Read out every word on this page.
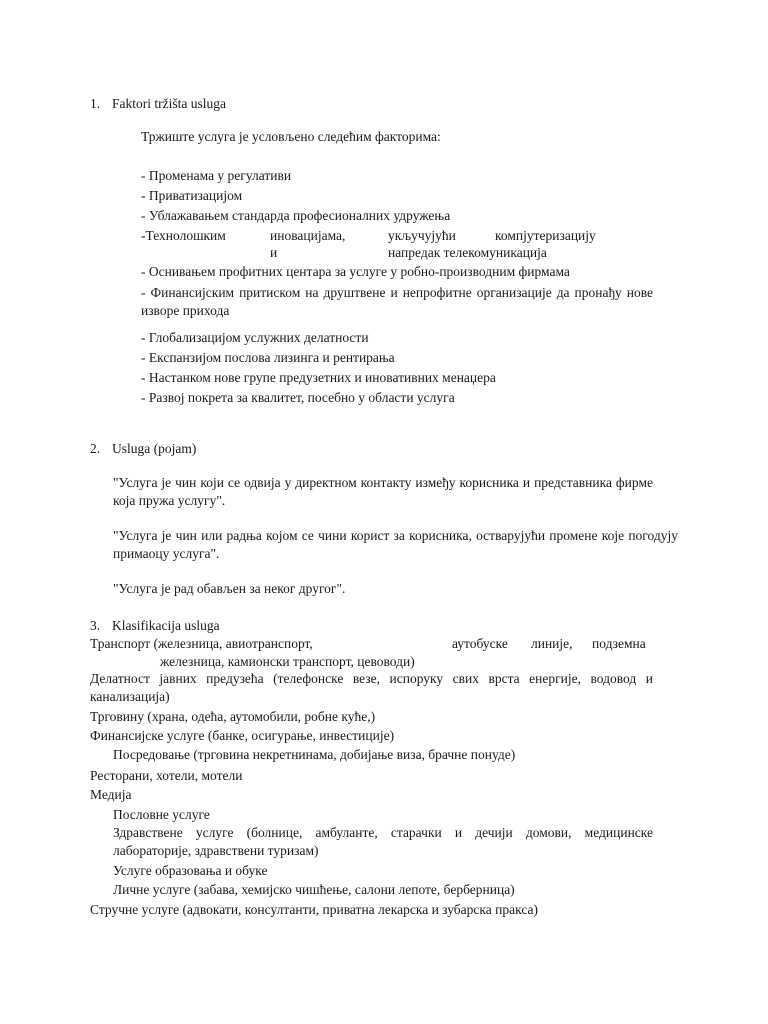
1. Faktori tržišta usluga
Тржиште услуга је условљено следећим факторима:
- Променама у регулативи
- Приватизацијом
- Ублажавањем стандарда професионалних удружења
-Технолошким	иновацијама,	укључујући	компјутеризацију
и	напредак телекомуникација
- Оснивањем профитних центара за услуге у робно-производним фирмама
- Финансијским притиском на друштвене и непрофитне организације да пронађу нове изворе прихода
- Глобализацијом услужних делатности
- Експанзијом послова лизинга и рентирања
- Настанком нове групе предузетних и иновативних менаџера
- Развој покрета за квалитет, посебно у области услуга
2. Usluga (pojam)
"Услуга је чин који се одвија у директном контакту између корисника и представника фирме која пружа услугу".
"Услуга је чин или радња којом се чини корист за корисника, остварујући промене које погодују примаоцу услуга".
"Услуга је рад обављен за неког другог".
3. Klasifikacija usluga
Транспорт (железница, авиотранспорт,	аутобуске линије, подземна
железница, камионски транспорт, цевоводи)
Делатност јавних предузећа (телефонске везе, испоруку свих врста енергије, водовод и канализација)
Трговину (храна, одећа, аутомобили, робне куће,)
Финансијске услуге (банке, осигурање, инвестиције)
Посредовање (трговина некретнинама, добијање виза, брачне понуде)
Ресторани, хотели, мотели
Медија
Пословне услуге
Здравствене услуге (болнице, амбуланте, старачки и дечији домови, медицинске лабораторије, здравствени туризам)
Услуге образовања и обуке
Личне услуге (забава, хемијско чишћење, салони лепоте, берберница)
Стручне услуге (адвокати, консултанти, приватна лекарска и зубарска пракса)
